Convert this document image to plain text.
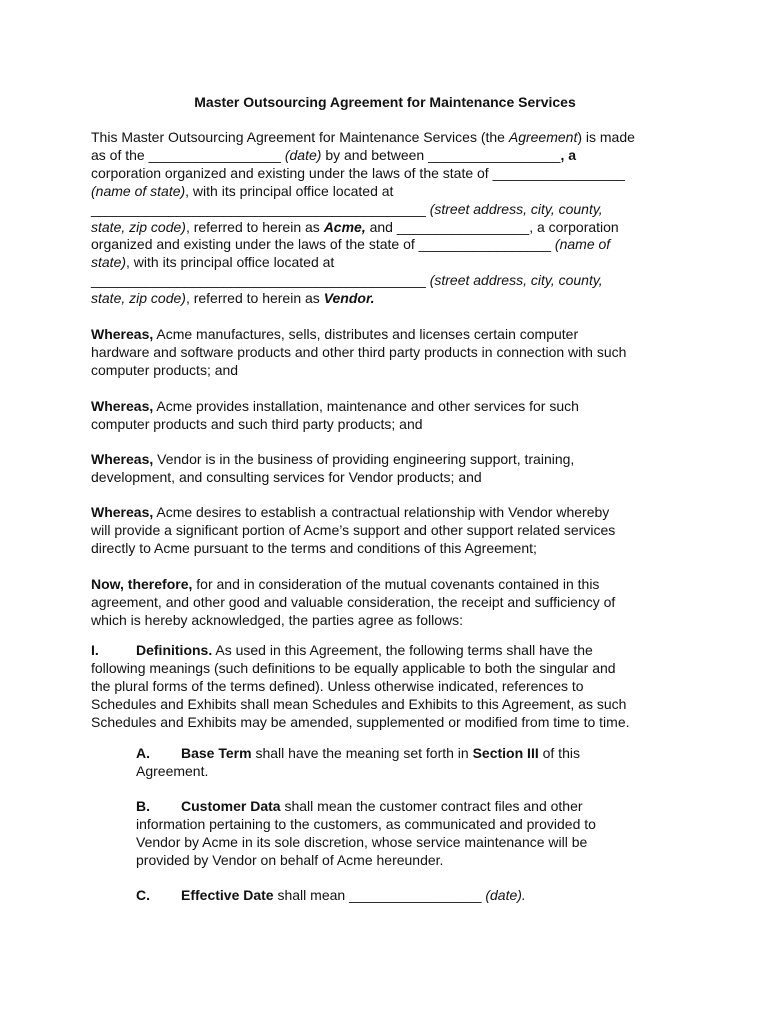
Master Outsourcing Agreement for Maintenance Services

This Master Outsourcing Agreement for Maintenance Services (the Agreement) is made
as of the _________________ (date) by and between _________________, a
corporation organized and existing under the laws of the state of _________________
(name of state), with its principal office located at
___________________________________________ (street address, city, county,
state, zip code), referred to herein as Acme, and _________________, a corporation
organized and existing under the laws of the state of _________________ (name of
state), with its principal office located at
___________________________________________ (street address, city, county,
state, zip code), referred to herein as Vendor.
Whereas, Acme manufactures, sells, distributes and licenses certain computer
hardware and software products and other third party products in connection with such
computer products; and
Whereas, Acme provides installation, maintenance and other services for such
computer products and such third party products; and
Whereas, Vendor is in the business of providing engineering support, training,
development, and consulting services for Vendor products; and
Whereas, Acme desires to establish a contractual relationship with Vendor whereby
will provide a significant portion of Acme’s support and other support related services
directly to Acme pursuant to the terms and conditions of this Agreement;
Now, therefore, for and in consideration of the mutual covenants contained in this
agreement, and other good and valuable consideration, the receipt and sufficiency of
which is hereby acknowledged, the parties agree as follows:
I.	Definitions. As used in this Agreement, the following terms shall have the
following meanings (such definitions to be equally applicable to both the singular and
the plural forms of the terms defined). Unless otherwise indicated, references to
Schedules and Exhibits shall mean Schedules and Exhibits to this Agreement, as such
Schedules and Exhibits may be amended, supplemented or modified from time to time.
A. Base Term shall have the meaning set forth in Section III of this
Agreement.
B. Customer Data shall mean the customer contract files and other
information pertaining to the customers, as communicated and provided to
Vendor by Acme in its sole discretion, whose service maintenance will be
provided by Vendor on behalf of Acme hereunder.
C. Effective Date shall mean _________________ (date).
